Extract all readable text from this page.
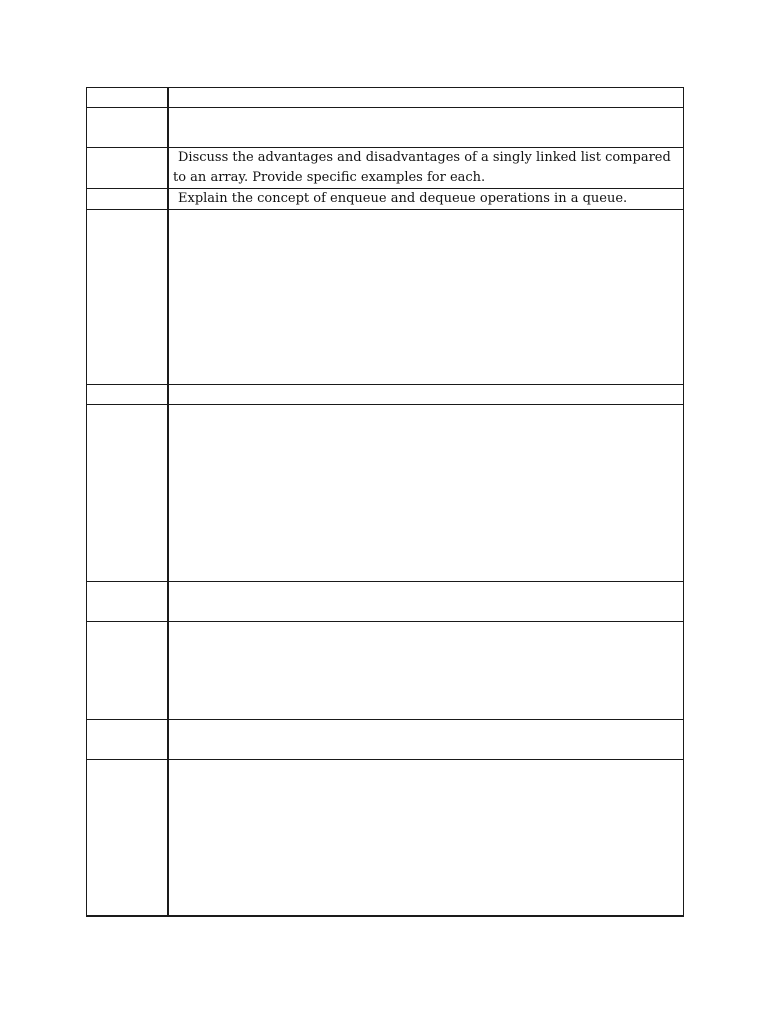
	Discuss the advantages and disadvantages of a singly linked list compared to an array. Provide specific examples for each.

	Explain the concept of enqueue and dequeue operations in a queue.
